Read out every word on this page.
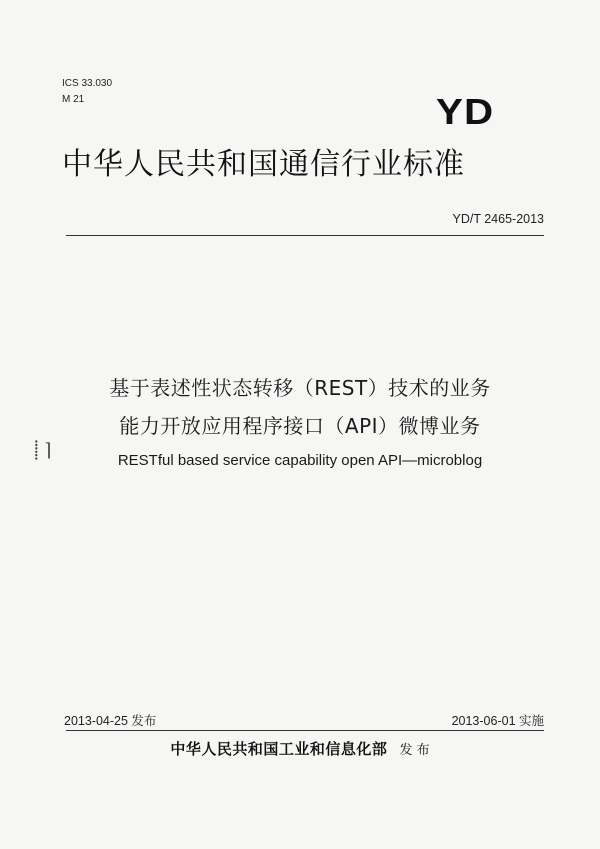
ICS 33.030
M 21	YD
中华人民共和国通信行业标准
YD/T 2465-2013
⸽ ⌉
基于表述性状态转移（REST）技术的业务
能力开放应用程序接口（API）微博业务
RESTful based service capability open API—microblog
2013-04-25 发布	2013-06-01 实施
中华人民共和国工业和信息化部 发 布
